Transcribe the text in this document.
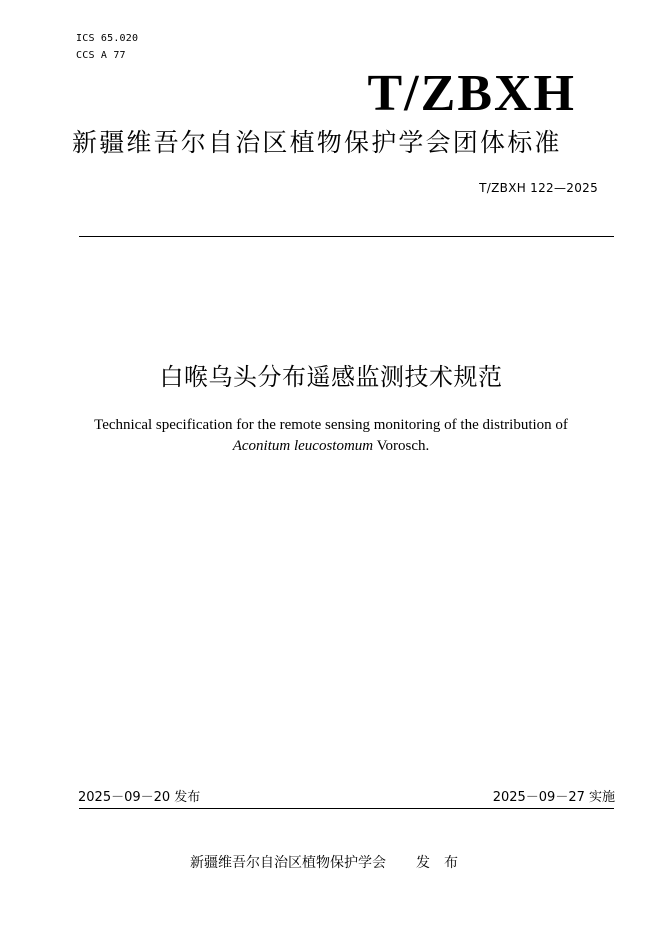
ICS 65.020
CCS A 77
T/ZBXH
新疆维吾尔自治区植物保护学会团体标准
T/ZBXH 122—2025
白喉乌头分布遥感监测技术规范
Technical specification for the remote sensing monitoring of the distribution of
Aconitum leucostomum Vorosch.
2025－09－20 发布	2025－09－27 实施
新疆维吾尔自治区植物保护学会 发布
